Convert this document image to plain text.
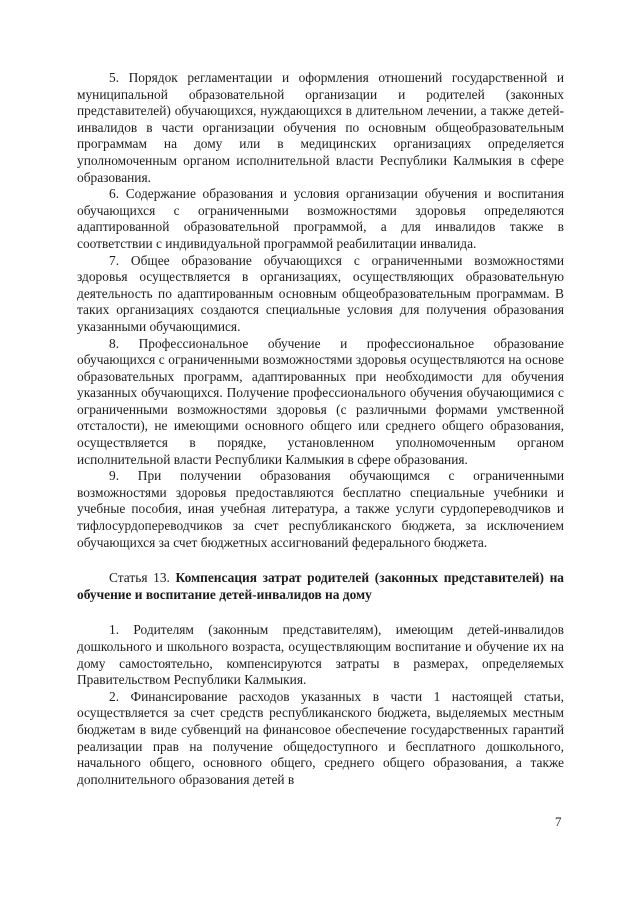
5. Порядок регламентации и оформления отношений государственной и муниципальной образовательной организации и родителей (законных представителей) обучающихся, нуждающихся в длительном лечении, а также детей-инвалидов в части организации обучения по основным общеобразовательным программам на дому или в медицинских организациях определяется уполномоченным органом исполнительной власти Республики Калмыкия в сфере образования.

6. Содержание образования и условия организации обучения и воспитания обучающихся с ограниченными возможностями здоровья определяются адаптированной образовательной программой, а для инвалидов также в соответствии с индивидуальной программой реабилитации инвалида.

7. Общее образование обучающихся с ограниченными возможностями здоровья осуществляется в организациях, осуществляющих образовательную деятельность по адаптированным основным общеобразовательным программам. В таких организациях создаются специальные условия для получения образования указанными обучающимися.

8. Профессиональное обучение и профессиональное образование обучающихся с ограниченными возможностями здоровья осуществляются на основе образовательных программ, адаптированных при необходимости для обучения указанных обучающихся. Получение профессионального обучения обучающимися с ограниченными возможностями здоровья (с различными формами умственной отсталости), не имеющими основного общего или среднего общего образования, осуществляется в порядке, установленном уполномоченным органом исполнительной власти Республики Калмыкия в сфере образования.

9. При получении образования обучающимся с ограниченными возможностями здоровья предоставляются бесплатно специальные учебники и учебные пособия, иная учебная литература, а также услуги сурдопереводчиков и тифлосурдопереводчиков за счет республиканского бюджета, за исключением обучающихся за счет бюджетных ассигнований федерального бюджета.

Статья 13. Компенсация затрат родителей (законных представителей) на обучение и воспитание детей-инвалидов на дому

1. Родителям (законным представителям), имеющим детей-инвалидов дошкольного и школьного возраста, осуществляющим воспитание и обучение их на дому самостоятельно, компенсируются затраты в размерах, определяемых Правительством Республики Калмыкия.

2. Финансирование расходов указанных в части 1 настоящей статьи, осуществляется за счет средств республиканского бюджета, выделяемых местным бюджетам в виде субвенций на финансовое обеспечение государственных гарантий реализации прав на получение общедоступного и бесплатного дошкольного, начального общего, основного общего, среднего общего образования, а также дополнительного образования детей в

7
